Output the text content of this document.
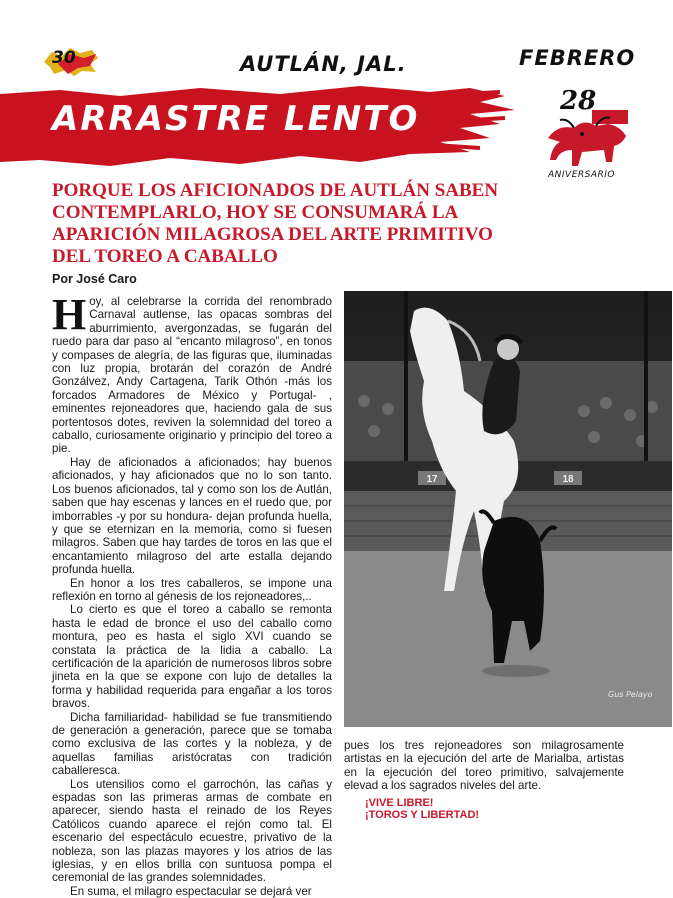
30	AUTLÁN, JAL.	FEBRERO
ARRASTRE LENTO	28
ANIVERSARIO
PORQUE LOS AFICIONADOS DE AUTLÁN SABEN CONTEMPLARLO, HOY SE CONSUMARÁ LA APARICIÓN MILAGROSA DEL ARTE PRIMITIVO DEL TOREO A CABALLO
Por José Caro

Hoy, al celebrarse la corrida del renombrado Carnaval autlense, las opacas sombras del aburrimiento, avergonzadas, se fugarán del ruedo para dar paso al “encanto milagroso”, en tonos y compases de alegría, de las figuras que, iluminadas con luz propia, brotarán del corazón de André Gonzálvez, Andy Cartagena, Tarik Othón -más los forcados Armadores de México y Portugal- , eminentes rejoneadores que, haciendo gala de sus portentosos dotes, reviven la solemnidad del toreo a caballo, curiosamente originario y principio del toreo a pie.

Hay de aficionados a aficionados; hay buenos aficionados, y hay aficionados que no lo son tanto. Los buenos aficionados, tal y como son los de Autlán, saben que hay escenas y lances en el ruedo que, por imborrables -y por su hondura- dejan profunda huella, y que se eternizan en la memoria, como si fuesen milagros. Saben que hay tardes de toros en las que el encantamiento milagroso del arte estalla dejando profunda huella.

En honor a los tres caballeros, se impone una reflexión en torno al génesis de los rejoneadores,..

Lo cierto es que el toreo a caballo se remonta hasta le edad de bronce el uso del caballo como montura, peo es hasta el siglo XVI cuando se constata la práctica de la lidia a caballo. La certificación de la aparición de numerosos libros sobre jineta en la que se expone con lujo de detalles la forma y habilidad requerida para engañar a los toros bravos.

Dicha familiaridad- habilidad se fue transmitiendo de generación a generación, parece que se tomaba como exclusiva de las cortes y la nobleza, y de aquellas familias aristócratas con tradición caballeresca.

Los utensilios como el garrochón, las cañas y espadas son las primeras armas de combate en aparecer, siendo hasta el reinado de los Reyes Católicos cuando aparece el rejón como tal. El escenario del espectáculo ecuestre, privativo de la nobleza, son las plazas mayores y los atrios de las iglesias, y en ellos brilla con suntuosa pompa el ceremonial de las grandes solemnidades.

En suma, el milagro espectacular se dejará ver

17	18
Gus Pelayo

pues los tres rejoneadores son milagrosamente artistas en la ejecución del arte de Marialba, artistas en la ejecución del toreo primitivo, salvajemente elevad a los sagrados niveles del arte.

¡VIVE LIBRE!
¡TOROS Y LIBERTAD!
